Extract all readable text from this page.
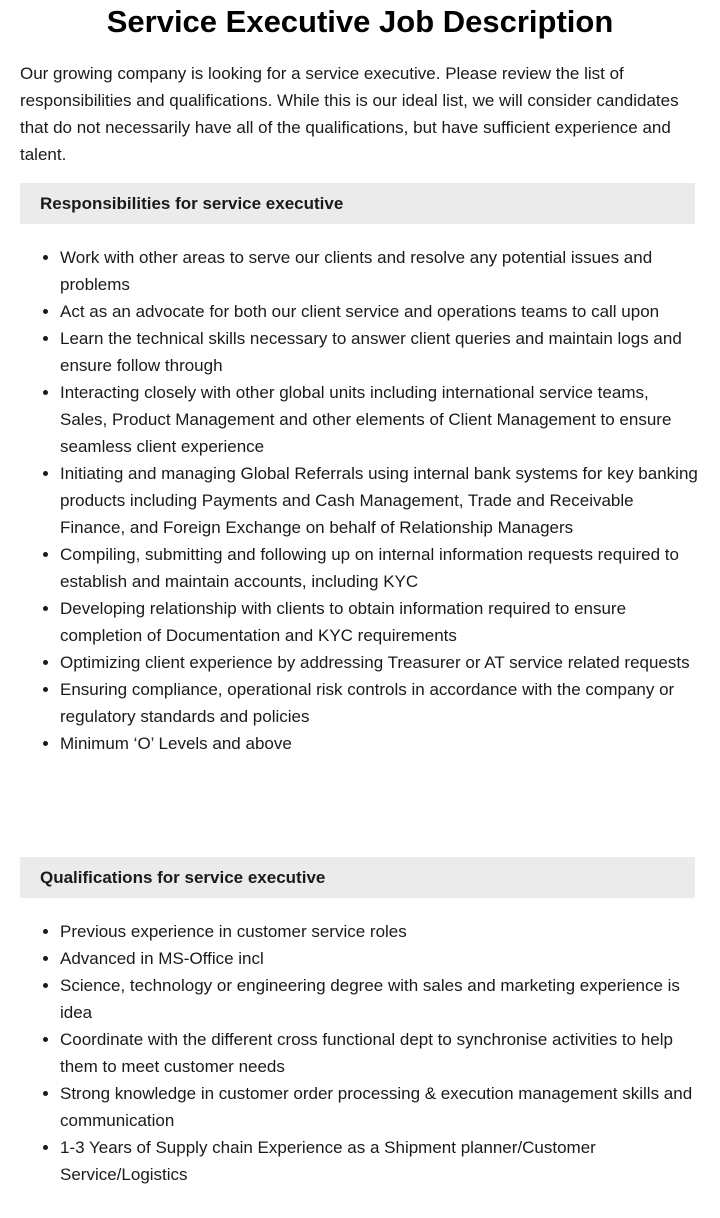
Service Executive Job Description

Our growing company is looking for a service executive. Please review the list of responsibilities and qualifications. While this is our ideal list, we will consider candidates that do not necessarily have all of the qualifications, but have sufficient experience and talent.

Responsibilities for service executive
• Work with other areas to serve our clients and resolve any potential issues and problems
• Act as an advocate for both our client service and operations teams to call upon
• Learn the technical skills necessary to answer client queries and maintain logs and ensure follow through
• Interacting closely with other global units including international service teams, Sales, Product Management and other elements of Client Management to ensure seamless client experience
• Initiating and managing Global Referrals using internal bank systems for key banking products including Payments and Cash Management, Trade and Receivable Finance, and Foreign Exchange on behalf of Relationship Managers
• Compiling, submitting and following up on internal information requests required to establish and maintain accounts, including KYC
• Developing relationship with clients to obtain information required to ensure completion of Documentation and KYC requirements
• Optimizing client experience by addressing Treasurer or AT service related requests
• Ensuring compliance, operational risk controls in accordance with the company or regulatory standards and policies
• Minimum ‘O’ Levels and above
Qualifications for service executive
• Previous experience in customer service roles
• Advanced in MS-Office incl
• Science, technology or engineering degree with sales and marketing experience is idea
• Coordinate with the different cross functional dept to synchronise activities to help them to meet customer needs
• Strong knowledge in customer order processing & execution management skills and communication
• 1-3 Years of Supply chain Experience as a Shipment planner/Customer Service/Logistics
